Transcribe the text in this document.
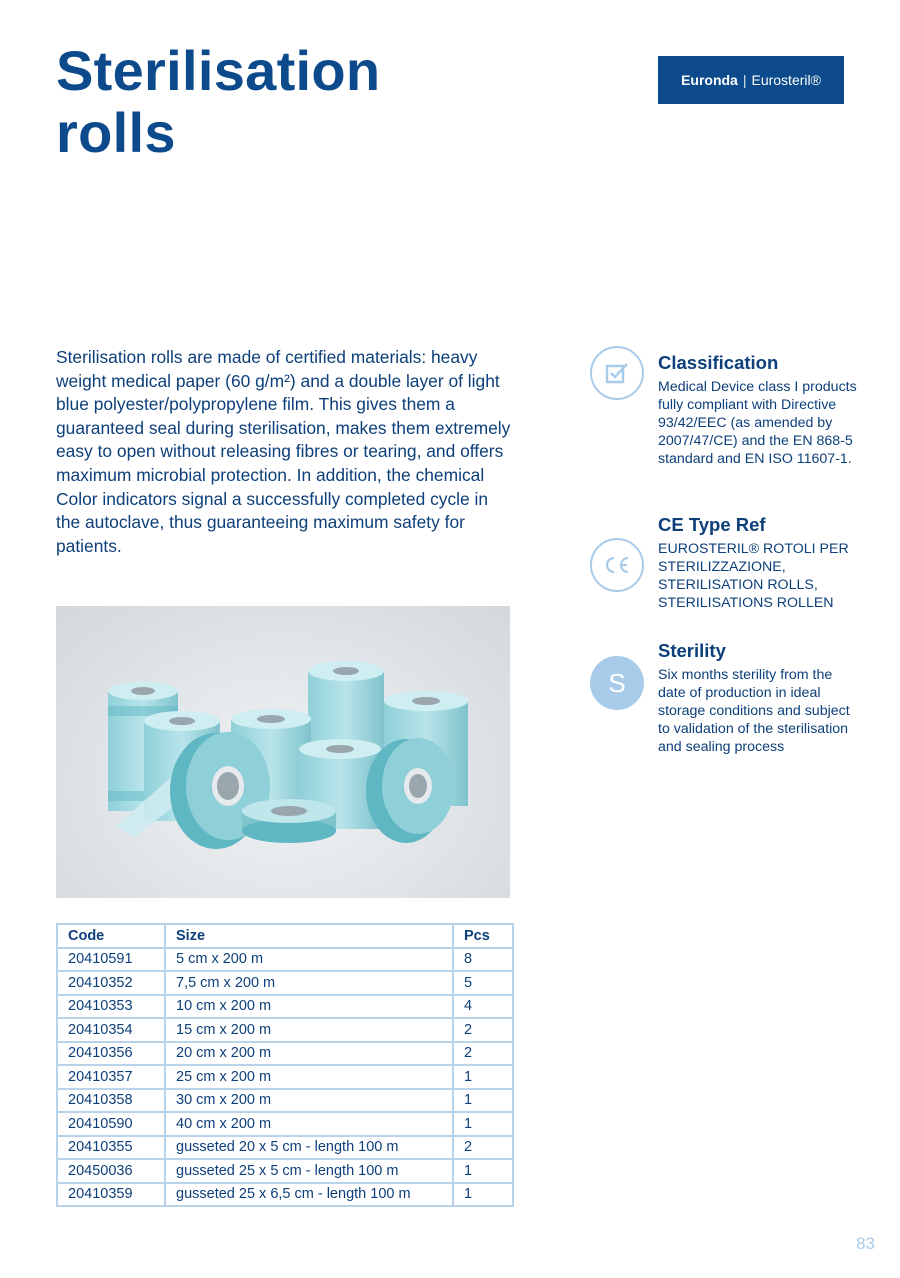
Sterilisation
rolls
Euronda | Eurosteril®

Sterilisation rolls are made of certified materials: heavy weight medical paper (60 g/m²) and a double layer of light blue polyester/polypropylene film. This gives them a guaranteed seal during sterilisation, makes them extremely easy to open without releasing fibres or tearing, and offers maximum microbial protection. In addition, the chemical Color indicators signal a successfully completed cycle in the autoclave, thus guaranteeing maximum safety for patients.

Code	Size	Pcs
20410591	5 cm x 200 m	8
20410352	7,5 cm x 200 m	5
20410353	10 cm x 200 m	4
20410354	15 cm x 200 m	2
20410356	20 cm x 200 m	2
20410357	25 cm x 200 m	1
20410358	30 cm x 200 m	1
20410590	40 cm x 200 m	1
20410355	gusseted 20 x 5 cm - length 100 m	2
20450036	gusseted 25 x 5 cm - length 100 m	1
20410359	gusseted 25 x 6,5 cm - length 100 m	1
Classification

Medical Device class I products fully compliant with Directive 93/42/EEC (as amended by 2007/47/CE) and the EN 868-5 standard and EN ISO 11607-1.

CE Type Ref

EUROSTERIL® ROTOLI PER STERILIZZAZIONE, STERILISATION ROLLS, STERILISATIONS ROLLEN

S
Sterility

Six months sterility from the date of production in ideal storage conditions and subject to validation of the sterilisation and sealing process

83
